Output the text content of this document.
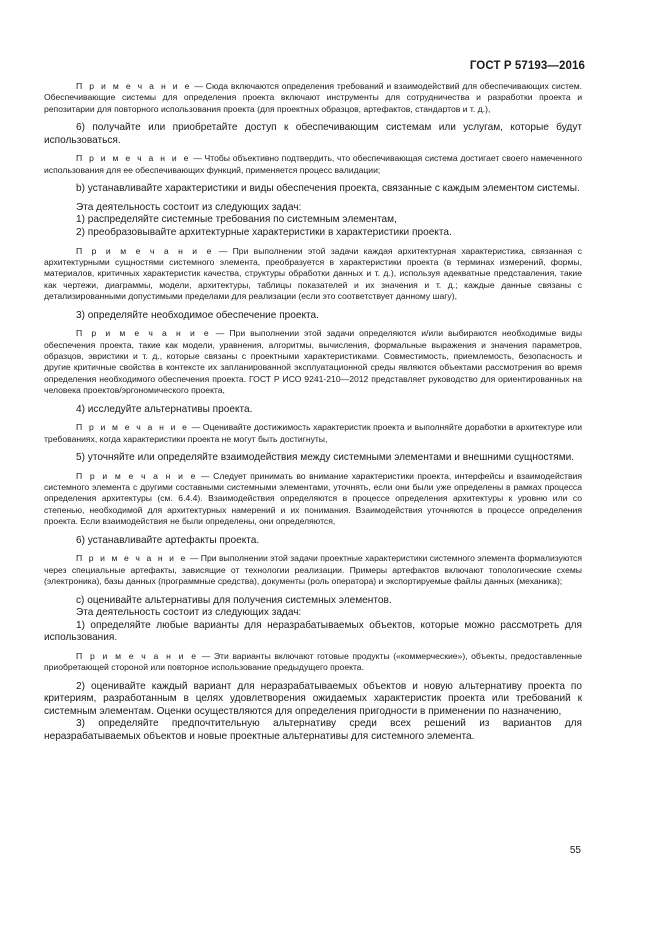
ГОСТ Р 57193—2016

П р и м е ч а н и е — Сюда включаются определения требований и взаимодействий для обеспечивающих систем. Обеспечивающие системы для определения проекта включают инструменты для сотрудничества и разработки проекта и репозитарии для повторного использования проекта (для проектных образцов, артефактов, стандартов и т. д.),

6) получайте или приобретайте доступ к обеспечивающим системам или услугам, которые будут использоваться.

П р и м е ч а н и е — Чтобы объективно подтвердить, что обеспечивающая система достигает своего намеченного использования для ее обеспечивающих функций, применяется процесс валидации;

b) устанавливайте характеристики и виды обеспечения проекта, связанные с каждым элементом системы.

Эта деятельность состоит из следующих задач:

1) распределяйте системные требования по системным элементам,

2) преобразовывайте архитектурные характеристики в характеристики проекта.

П р и м е ч а н и е — При выполнении этой задачи каждая архитектурная характеристика, связанная с архитектурными сущностями системного элемента, преобразуется в характеристики проекта (в терминах измерений, формы, материалов, критичных характеристик качества, структуры обработки данных и т. д.), используя адекватные представления, такие как чертежи, диаграммы, модели, архитектуры, таблицы показателей и их значения и т. д.; каждые данные связаны с детализированными допустимыми пределами для реализации (если это соответствует данному шагу),

3) определяйте необходимое обеспечение проекта.

П р и м е ч а н и е — При выполнении этой задачи определяются и/или выбираются необходимые виды обеспечения проекта, такие как модели, уравнения, алгоритмы, вычисления, формальные выражения и значения параметров, образцов, эвристики и т. д., которые связаны с проектными характеристиками. Совместимость, приемлемость, безопасность и другие критичные свойства в контексте их запланированной эксплуатационной среды являются объектами рассмотрения во время определения необходимого обеспечения проекта. ГОСТ Р ИСО 9241-210—2012 представляет руководство для ориентированных на человека проектов/эргономического проекта,

4) исследуйте альтернативы проекта.

П р и м е ч а н и е — Оценивайте достижимость характеристик проекта и выполняйте доработки в архитектуре или требованиях, когда характеристики проекта не могут быть достигнуты,

5) уточняйте или определяйте взаимодействия между системными элементами и внешними сущностями.

П р и м е ч а н и е — Следует принимать во внимание характеристики проекта, интерфейсы и взаимодействия системного элемента с другими составными системными элементами, уточнять, если они были уже определены в рамках процесса определения архитектуры (см. 6.4.4). Взаимодействия определяются в процессе определения архитектуры к уровню или со степенью, необходимой для архитектурных намерений и их понимания. Взаимодействия уточняются в процессе определения проекта. Если взаимодействия не были определены, они определяются,

6) устанавливайте артефакты проекта.

П р и м е ч а н и е — При выполнении этой задачи проектные характеристики системного элемента формализуются через специальные артефакты, зависящие от технологии реализации. Примеры артефактов включают топологические схемы (электроника), базы данных (программные средства), документы (роль оператора) и экспортируемые файлы данных (механика);

с) оценивайте альтернативы для получения системных элементов.

Эта деятельность состоит из следующих задач:

1) определяйте любые варианты для неразрабатываемых объектов, которые можно рассмотреть для использования.

П р и м е ч а н и е — Эти варианты включают готовые продукты («коммерческие»), объекты, предоставленные приобретающей стороной или повторное использование предыдущего проекта.

2) оценивайте каждый вариант для неразрабатываемых объектов и новую альтернативу проекта по критериям, разработанным в целях удовлетворения ожидаемых характеристик проекта или требований к системным элементам. Оценки осуществляются для определения пригодности в применении по назначению,

3) определяйте предпочтительную альтернативу среди всех решений из вариантов для неразрабатываемых объектов и новые проектные альтернативы для системного элемента.

55
